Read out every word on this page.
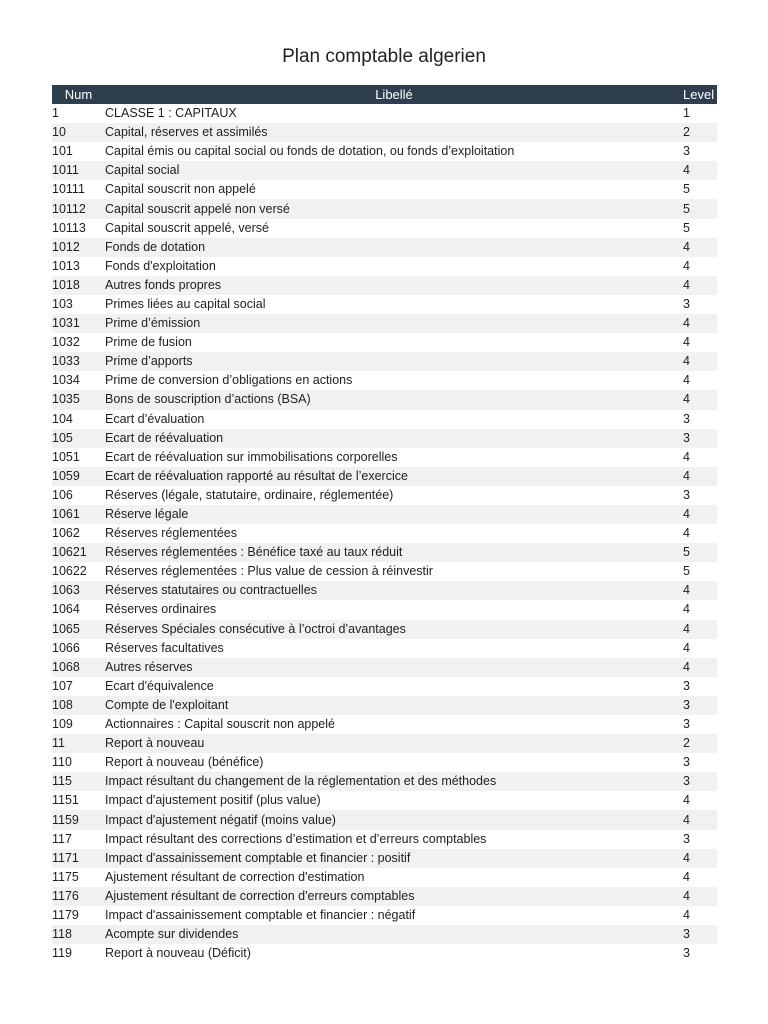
Plan comptable algerien
Num	Libellé	Level
1	CLASSE 1 : CAPITAUX	1
10	Capital, réserves et assimilés	2
101	Capital émis ou capital social ou fonds de dotation, ou fonds d’exploitation	3
1011	Capital social	4
10111	Capital souscrit non appelé	5
10112	Capital souscrit appelé non versé	5
10113	Capital souscrit appelé, versé	5
1012	Fonds de dotation	4
1013	Fonds d'exploitation	4
1018	Autres fonds propres	4
103	Primes liées au capital social	3
1031	Prime d’émission	4
1032	Prime de fusion	4
1033	Prime d’apports	4
1034	Prime de conversion d’obligations en actions	4
1035	Bons de souscription d’actions (BSA)	4
104	Ecart d’évaluation	3
105	Ecart de réévaluation	3
1051	Ecart de réévaluation sur immobilisations corporelles	4
1059	Ecart de réévaluation rapporté au résultat de l’exercice	4
106	Réserves (légale, statutaire, ordinaire, réglementée)	3
1061	Réserve légale	4
1062	Réserves réglementées	4
10621	Réserves réglementées : Bénéfice taxé au taux réduit	5
10622	Réserves réglementées : Plus value de cession à réinvestir	5
1063	Réserves statutaires ou contractuelles	4
1064	Réserves ordinaires	4
1065	Réserves Spéciales consécutive à l’octroi d’avantages	4
1066	Réserves facultatives	4
1068	Autres réserves	4
107	Ecart d'équivalence	3
108	Compte de l'exploitant	3
109	Actionnaires : Capital souscrit non appelé	3
11	Report à nouveau	2
110	Report à nouveau (bénéfice)	3
115	Impact résultant du changement de la réglementation et des méthodes	3
1151	Impact d'ajustement positif (plus value)	4
1159	Impact d'ajustement négatif (moins value)	4
117	Impact résultant des corrections d’estimation et d’erreurs comptables	3
1171	Impact d'assainissement comptable et financier : positif	4
1175	Ajustement résultant de correction d'estimation	4
1176	Ajustement résultant de correction d'erreurs comptables	4
1179	Impact d'assainissement comptable et financier : négatif	4
118	Acompte sur dividendes	3
119	Report à nouveau (Déficit)	3
